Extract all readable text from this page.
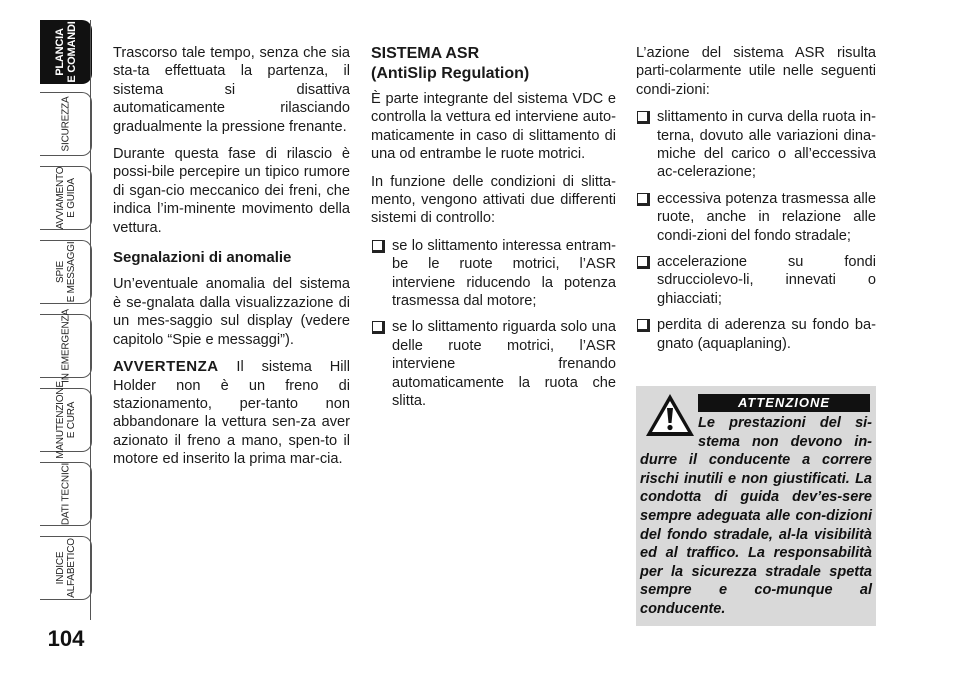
PLANCIA
E COMANDI
SICUREZZA
AVVIAMENTO
E GUIDA
SPIE
E MESSAGGI
IN EMERGENZA
MANUTENZIONE
E CURA
DATI TECNICI
INDICE
ALFABETICO
104

Trascorso tale tempo, senza che sia sta-ta effettuata la partenza, il sistema si disattiva automaticamente rilasciando gradualmente la pressione frenante.

Durante questa fase di rilascio è possi-bile percepire un tipico rumore di sgan-cio meccanico dei freni, che indica l’im-minente movimento della vettura.

Segnalazioni di anomalie

Un’eventuale anomalia del sistema è se-gnalata dalla visualizzazione di un mes-saggio sul display (vedere capitolo “Spie e messaggi”).

AVVERTENZA Il sistema Hill Holder non è un freno di stazionamento, per-tanto non abbandonare la vettura sen-za aver azionato il freno a mano, spen-to il motore ed inserito la prima mar-cia.

SISTEMA ASR
(AntiSlip Regulation)

È parte integrante del sistema VDC e controlla la vettura ed interviene auto-maticamente in caso di slittamento di una od entrambe le ruote motrici.

In funzione delle condizioni di slitta-mento, vengono attivati due differenti sistemi di controllo:

se lo slittamento interessa entram-be le ruote motrici, l’ASR interviene riducendo la potenza trasmessa dal motore;
se lo slittamento riguarda solo una delle ruote motrici, l’ASR interviene frenando automaticamente la ruota che slitta.

L’azione del sistema ASR risulta parti-colarmente utile nelle seguenti condi-zioni:

slittamento in curva della ruota in-terna, dovuto alle variazioni dina-miche del carico o all’eccessiva ac-celerazione;
eccessiva potenza trasmessa alle ruote, anche in relazione alle condi-zioni del fondo stradale;
accelerazione su fondi sdrucciolevo-li, innevati o ghiacciati;
perdita di aderenza su fondo ba-gnato (aquaplaning).
ATTENZIONE
Le prestazioni del si-stema non devono in-durre il conducente a correre rischi inutili e non giustificati. La condotta di guida dev’es-sere sempre adeguata alle con-dizioni del fondo stradale, al-la visibilità ed al traffico. La responsabilità per la sicurezza stradale spetta sempre e co-munque al conducente.
